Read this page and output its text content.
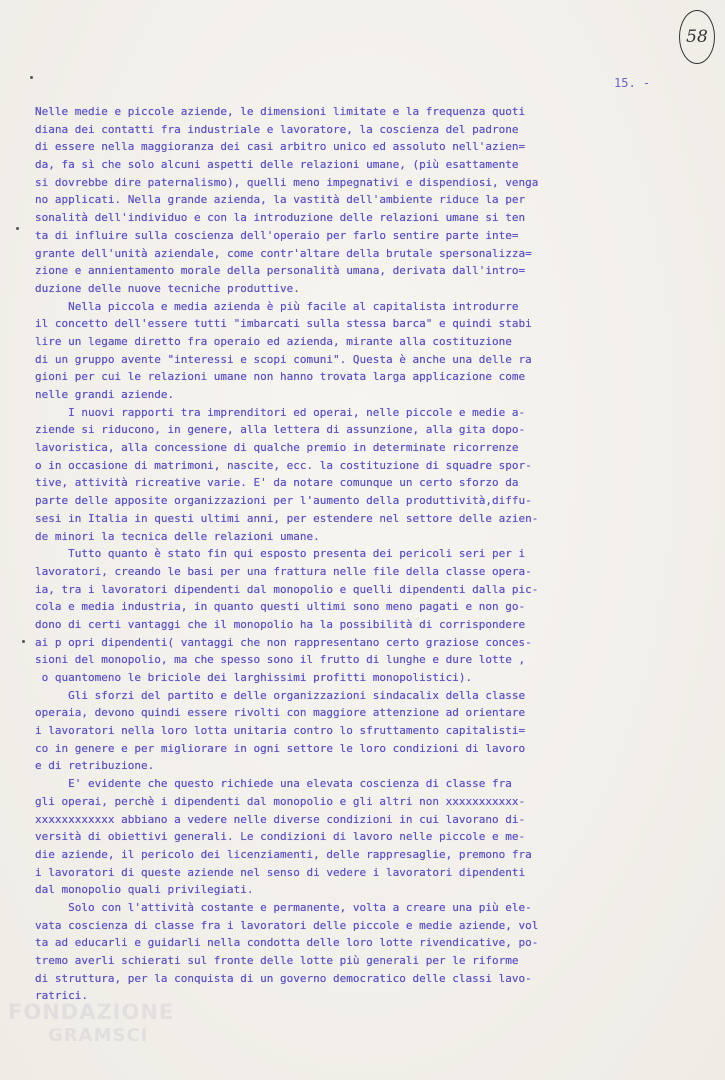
58
15. -
Nelle medie e piccole aziende, le dimensioni limitate e la frequenza quoti
diana dei contatti fra industriale e lavoratore, la coscienza del padrone
di essere nella maggioranza dei casi arbitro unico ed assoluto nell'azien=
da, fa sì che solo alcuni aspetti delle relazioni umane, (più esattamente
si dovrebbe dire paternalismo), quelli meno impegnativi e dispendiosi, venga
no applicati. Nella grande azienda, la vastità dell'ambiente riduce la per
sonalità dell'individuo e con la introduzione delle relazioni umane si ten
ta di influire sulla coscienza dell'operaio per farlo sentire parte inte=
grante dell'unità aziendale, come contr'altare della brutale spersonalizza=
zione e annientamento morale della personalità umana, derivata dall'intro=
duzione delle nuove tecniche produttive.
Nella piccola e media azienda è più facile al capitalista introdurre
il concetto dell'essere tutti "imbarcati sulla stessa barca" e quindi stabi
lire un legame diretto fra operaio ed azienda, mirante alla costituzione
di un gruppo avente "interessi e scopi comuni". Questa è anche una delle ra
gioni per cui le relazioni umane non hanno trovata larga applicazione come
nelle grandi aziende.
I nuovi rapporti tra imprenditori ed operai, nelle piccole e medie a-
ziende si riducono, in genere, alla lettera di assunzione, alla gita dopo-
lavoristica, alla concessione di qualche premio in determinate ricorrenze
o in occasione di matrimoni, nascite, ecc. la costituzione di squadre spor-
tive, attività ricreative varie. E' da notare comunque un certo sforzo da
parte delle apposite organizzazioni per l'aumento della produttività,diffu-
sesi in Italia in questi ultimi anni, per estendere nel settore delle azien-
de minori la tecnica delle relazioni umane.
Tutto quanto è stato fin qui esposto presenta dei pericoli seri per i
lavoratori, creando le basi per una frattura nelle file della classe opera-
ia, tra i lavoratori dipendenti dal monopolio e quelli dipendenti dalla pic-
cola e media industria, in quanto questi ultimi sono meno pagati e non go-
dono di certi vantaggi che il monopolio ha la possibilità di corrispondere
ai p opri dipendenti( vantaggi che non rappresentano certo graziose conces-
sioni del monopolio, ma che spesso sono il frutto di lunghe e dure lotte ,
o quantomeno le briciole dei larghissimi profitti monopolistici).
Gli sforzi del partito e delle organizzazioni sindacalix della classe
operaia, devono quindi essere rivolti con maggiore attenzione ad orientare
i lavoratori nella loro lotta unitaria contro lo sfruttamento capitalisti=
co in genere e per migliorare in ogni settore le loro condizioni di lavoro
e di retribuzione.
E' evidente che questo richiede una elevata coscienza di classe fra
gli operai, perchè i dipendenti dal monopolio e gli altri non xxxxxxxxxxx-
xxxxxxxxxxxx abbiano a vedere nelle diverse condizioni in cui lavorano di-
versità di obiettivi generali. Le condizioni di lavoro nelle piccole e me-
die aziende, il pericolo dei licenziamenti, delle rappresaglie, premono fra
i lavoratori di queste aziende nel senso di vedere i lavoratori dipendenti
dal monopolio quali privilegiati.
Solo con l'attività costante e permanente, volta a creare una più ele-
vata coscienza di classe fra i lavoratori delle piccole e medie aziende, vol
ta ad educarli e guidarli nella condotta delle loro lotte rivendicative, po-
tremo averli schierati sul fronte delle lotte più generali per le riforme
di struttura, per la conquista di un governo democratico delle classi lavo-
ratrici.
FONDAZIONE
GRAMSCI
